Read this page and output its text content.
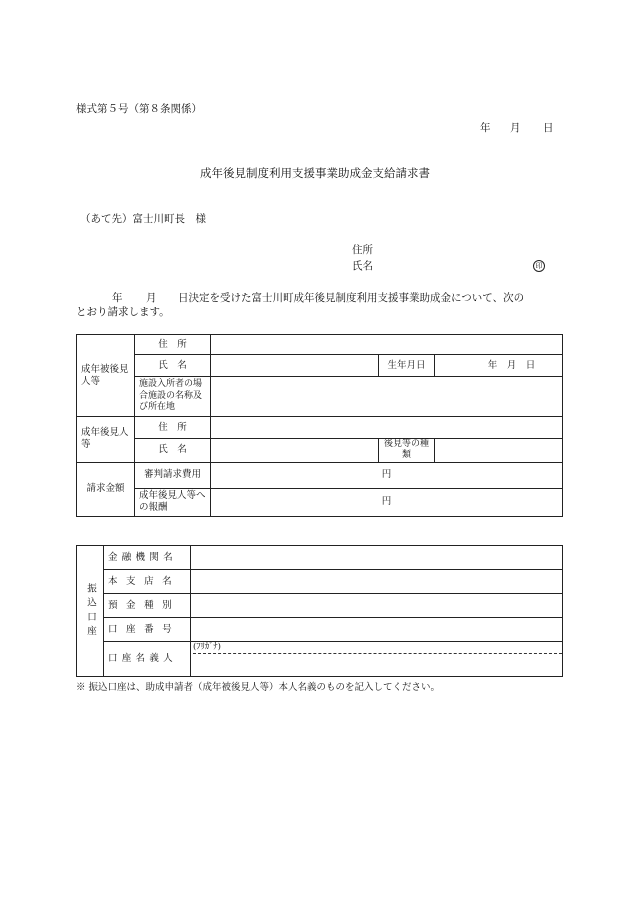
様式第５号（第８条関係）
年 月 日
成年後見制度利用支援事業助成金支給請求書
（あて先）富士川町長　様
住所
氏名	印
年 月 日決定を受けた富士川町成年後見制度利用支援事業助成金について、次の
とおり請求します。
成年被後見人等	住　所			
	氏　名		生年月日	年　月　日
	施設入所者の場合施設の名称及び所在地			
成年後見人等	住　所			
	氏　名		後見等の種類	
請求金額	審判請求費用	円		
	成年後見人等への報酬	円		
振込口座	金融機関名	
	本支店名	
	預金種別	
	口座番号	
	口座名義人	(ﾌﾘｶﾞﾅ)
※ 振込口座は、助成申請者（成年被後見人等）本人名義のものを記入してください。
